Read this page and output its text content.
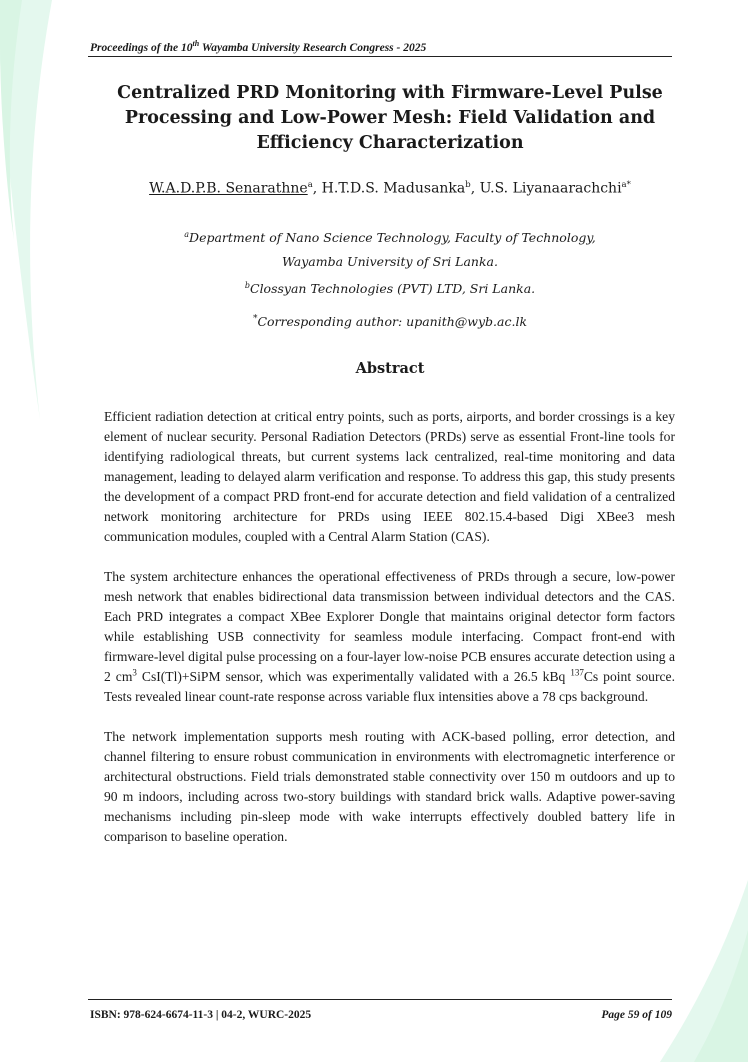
Proceedings of the 10th Wayamba University Research Congress - 2025
Centralized PRD Monitoring with Firmware-Level Pulse
Processing and Low-Power Mesh: Field Validation and
Efficiency Characterization
W.A.D.P.B. Senarathne$^a$, H.T.D.S. Madusanka$^b$, U.S. Liyanaarachchi$^{a*}$
$^a$Department of Nano Science Technology, Faculty of Technology,
Wayamba University of Sri Lanka.
$^b$Clossyan Technologies (PVT) LTD, Sri Lanka.
*Corresponding author: upanith@wyb.ac.lk
Abstract

Efficient radiation detection at critical entry points, such as ports, airports, and border crossings is a key element of nuclear security. Personal Radiation Detectors (PRDs) serve as essential Front-line tools for identifying radiological threats, but current systems lack centralized, real-time monitoring and data management, leading to delayed alarm verification and response. To address this gap, this study presents the development of a compact PRD front-end for accurate detection and field validation of a centralized network monitoring architecture for PRDs using IEEE 802.15.4-based Digi XBee3 mesh communication modules, coupled with a Central Alarm Station (CAS).

The system architecture enhances the operational effectiveness of PRDs through a secure, low-power mesh network that enables bidirectional data transmission between individual detectors and the CAS. Each PRD integrates a compact XBee Explorer Dongle that maintains original detector form factors while establishing USB connectivity for seamless module interfacing. Compact front-end with firmware-level digital pulse processing on a four-layer low-noise PCB ensures accurate detection using a 2 $cm^3$ CsI(Tl)+SiPM sensor, which was experimentally validated with a 26.5 kBq $^{137}$Cs point source. Tests revealed linear count-rate response across variable flux intensities above a 78 cps background.

The network implementation supports mesh routing with ACK-based polling, error detection, and channel filtering to ensure robust communication in environments with electromagnetic interference or architectural obstructions. Field trials demonstrated stable connectivity over 150 m outdoors and up to 90 m indoors, including across two-story buildings with standard brick walls. Adaptive power-saving mechanisms including pin-sleep mode with wake interrupts effectively doubled battery life in comparison to baseline operation.

ISBN: 978-624-6674-11-3 | 04-2, WURC-2025	Page 59 of 109
